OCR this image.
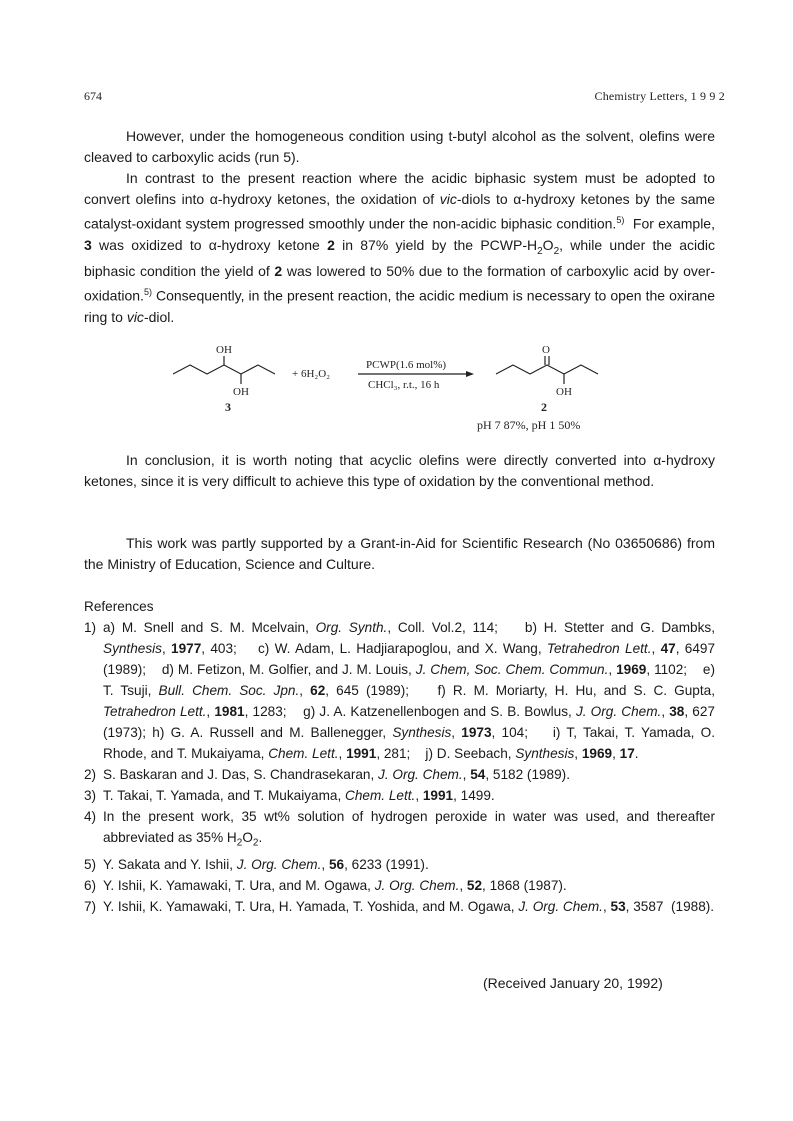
674	Chemistry Letters, 1 9 9 2

However, under the homogeneous condition using t-butyl alcohol as the solvent, olefins were cleaved to carboxylic acids (run 5).

In contrast to the present reaction where the acidic biphasic system must be adopted to convert olefins into α-hydroxy ketones, the oxidation of vic-diols to α-hydroxy ketones by the same catalyst-oxidant system progressed smoothly under the non-acidic biphasic condition.$^{5)}$  For example, 3 was oxidized to α-hydroxy ketone 2 in 87% yield by the PCWP-$H_2O_2$, while under the acidic biphasic condition the yield of 2 was lowered to 50% due to the formation of carboxylic acid by over-oxidation.$^{5)}$ Consequently, in the present reaction, the acidic medium is necessary to open the oxirane ring to vic-diol.

OH
OH
3
+ 6H₂O₂
PCWP(1.6 mol%)
CHCl₃, r.t., 16 h
O
OH
2
pH 7 87%, pH 1 50%

In conclusion, it is worth noting that acyclic olefins were directly converted into α-hydroxy ketones, since it is very difficult to achieve this type of oxidation by the conventional method.

This work was partly supported by a Grant-in-Aid for Scientific Research (No 03650686) from the Ministry of Education, Science and Culture.

References

1) a) M. Snell and S. M. Mcelvain, Org. Synth., Coll. Vol.2, 114;    b) H. Stetter and G. Dambks, Synthesis, 1977, 403;    c) W. Adam, L. Hadjiarapoglou, and X. Wang, Tetrahedron Lett., 47, 6497 (1989);    d) M. Fetizon, M. Golfier, and J. M. Louis, J. Chem, Soc. Chem. Commun., 1969, 1102;    e) T. Tsuji, Bull. Chem. Soc. Jpn., 62, 645 (1989);    f) R. M. Moriarty, H. Hu, and S. C. Gupta, Tetrahedron Lett., 1981, 1283;    g) J. A. Katzenellenbogen and S. B. Bowlus, J. Org. Chem., 38, 627 (1973); h) G. A. Russell and M. Ballenegger, Synthesis, 1973, 104;    i) T, Takai, T. Yamada, O. Rhode, and T. Mukaiyama, Chem. Lett., 1991, 281;    j) D. Seebach, Synthesis, 1969, 17.
2) S. Baskaran and J. Das, S. Chandrasekaran, J. Org. Chem., 54, 5182 (1989).
3) T. Takai, T. Yamada, and T. Mukaiyama, Chem. Lett., 1991, 1499.
4) In the present work, 35 wt% solution of hydrogen peroxide in water was used, and thereafter abbreviated as 35% $H_2O_2$.
5) Y. Sakata and Y. Ishii, J. Org. Chem., 56, 6233 (1991).
6) Y. Ishii, K. Yamawaki, T. Ura, and M. Ogawa, J. Org. Chem., 52, 1868 (1987).
7) Y. Ishii, K. Yamawaki, T. Ura, H. Yamada, T. Yoshida, and M. Ogawa, J. Org. Chem., 53, 3587  (1988).
(Received January 20, 1992)
